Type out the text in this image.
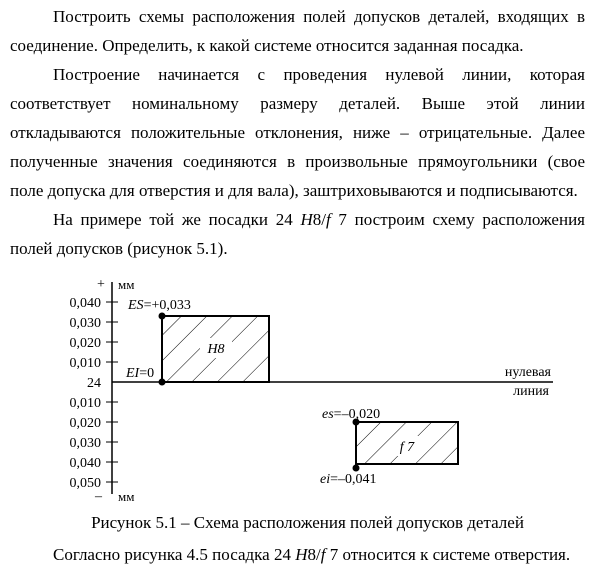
Построить схемы расположения полей допусков деталей, входящих в соединение. Определить, к какой системе относится заданная посадка.

Построение начинается с проведения нулевой линии, которая соответствует номинальному размеру деталей. Выше этой линии откладываются положительные отклонения, ниже – отрицательные. Далее полученные значения соединяются в произвольные прямоугольники (свое поле допуска для отверстия и для вала), заштриховываются и подписываются.

На примере той же посадки 24 H8/f 7 построим схему расположения полей допусков (рисунок 5.1).

+ мм
– мм
0,040
0,030
0,020
0,010
24
0,010
0,020
0,030
0,040
0,050
нулевая
линия
H8
ES=+0,033
EI=0
f 7
es=–0,020
ei=–0,041

Рисунок 5.1 – Схема расположения полей допусков деталей

Согласно рисунка 4.5 посадка 24 H8/f 7 относится к системе отверстия.
